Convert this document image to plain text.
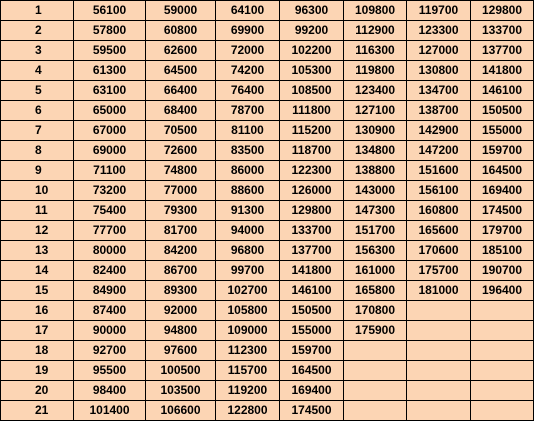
1	56100	59000	64100	96300	109800	119700	129800
2	57800	60800	69900	99200	112900	123300	133700
3	59500	62600	72000	102200	116300	127000	137700
4	61300	64500	74200	105300	119800	130800	141800
5	63100	66400	76400	108500	123400	134700	146100
6	65000	68400	78700	111800	127100	138700	150500
7	67000	70500	81100	115200	130900	142900	155000
8	69000	72600	83500	118700	134800	147200	159700
9	71100	74800	86000	122300	138800	151600	164500
10	73200	77000	88600	126000	143000	156100	169400
11	75400	79300	91300	129800	147300	160800	174500
12	77700	81700	94000	133700	151700	165600	179700
13	80000	84200	96800	137700	156300	170600	185100
14	82400	86700	99700	141800	161000	175700	190700
15	84900	89300	102700	146100	165800	181000	196400
16	87400	92000	105800	150500	170800		
17	90000	94800	109000	155000	175900		
18	92700	97600	112300	159700			
19	95500	100500	115700	164500			
20	98400	103500	119200	169400			
21	101400	106600	122800	174500			
